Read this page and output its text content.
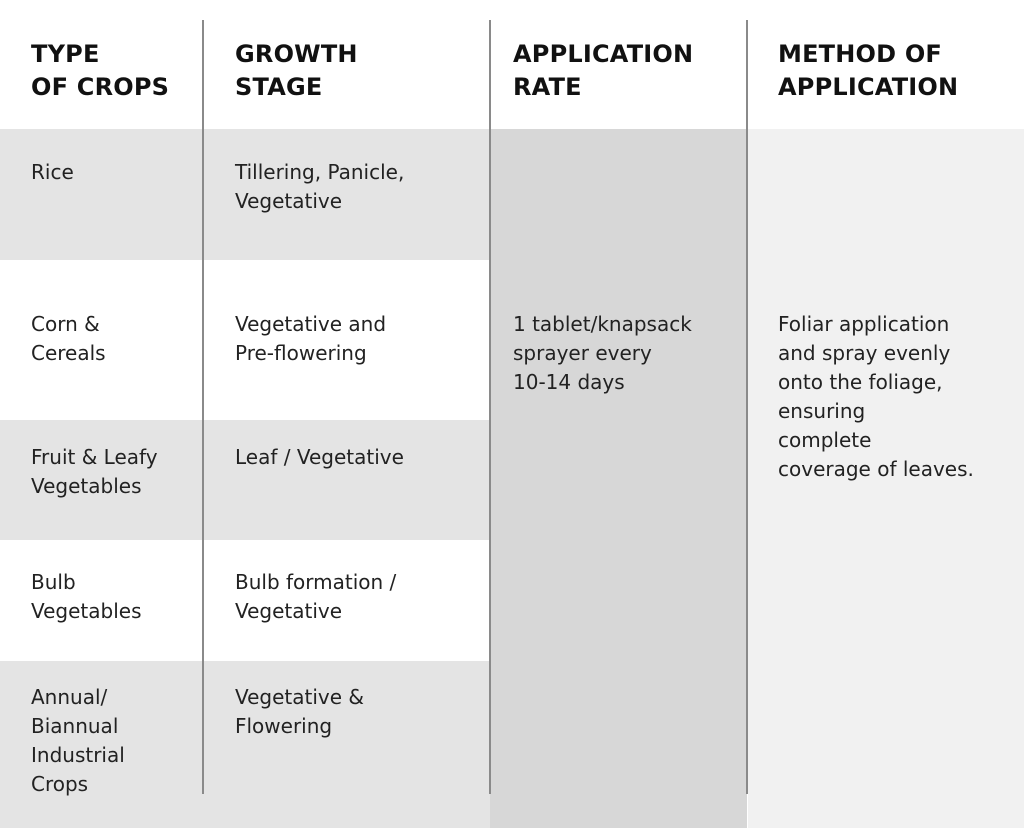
TYPE
OF CROPS
GROWTH
STAGE
APPLICATION
RATE
METHOD OF
APPLICATION
Rice	Tillering, Panicle,
Vegetative
Corn &
Cereals
Vegetative and
Pre-flowering
Fruit & Leafy
Vegetables
Leaf / Vegetative
Bulb
Vegetables
Bulb formation /
Vegetative
Annual/
Biannual
Industrial
Crops
Vegetative &
Flowering
1 tablet/knapsack
sprayer every
10-14 days
Foliar application
and spray evenly
onto the foliage,
ensuring
complete
coverage of leaves.
